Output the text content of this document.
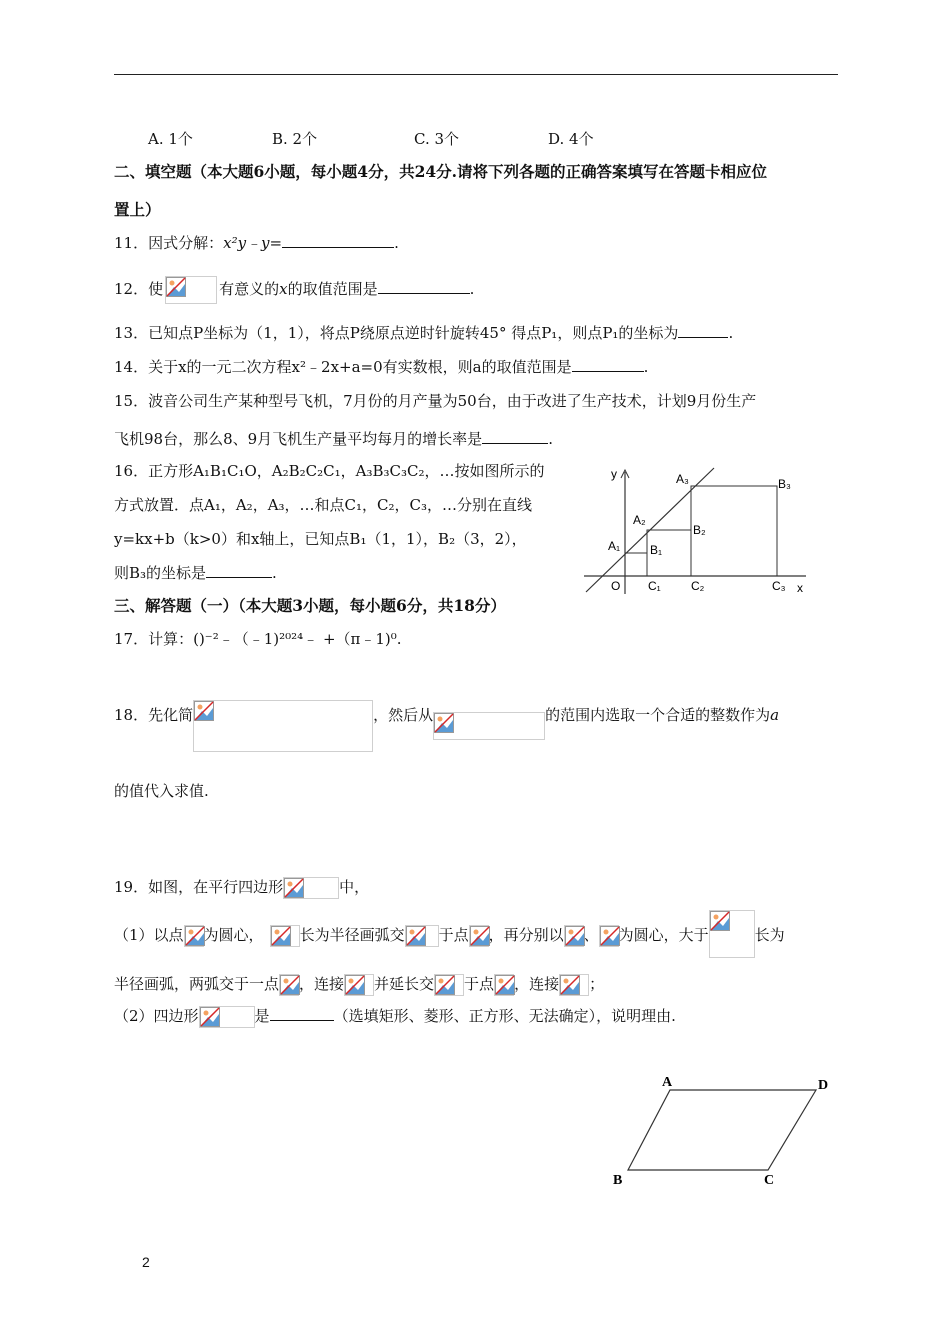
A. 1个	B. 2个	C. 3个	D. 4个
二、填空题（本大题6小题，每小题4分，共24分.请将下列各题的正确答案填写在答题卡相应位
置上）
11．因式分解：x²y﹣y=	.
12．使	有意义的x的取值范围是	.
13．已知点P坐标为（1，1），将点P绕原点逆时针旋转45° 得点P₁，则点P₁的坐标为	.
14．关于x的一元二次方程x²﹣2x+a=0有实数根，则a的取值范围是	.
15．波音公司生产某种型号飞机，7月份的月产量为50台，由于改进了生产技术，计划9月份生产
飞机98台，那么8、9月飞机生产量平均每月的增长率是	.
16．正方形A₁B₁C₁O，A₂B₂C₂C₁，A₃B₃C₃C₂，…按如图所示的
方式放置．点A₁，A₂，A₃，…和点C₁，C₂，C₃，…分别在直线
y=kx+b（k>0）和x轴上，已知点B₁（1，1），B₂（3，2），
则B₃的坐标是	.
y
x
O
A₁
A₂
A₃
B₁
B₂
B₃
C₁	C₂	C₃
三、解答题（一）（本大题3小题，每小题6分，共18分）
17．计算：()⁻²﹣（﹣1)²⁰²⁴﹣ +（π﹣1)⁰.
18．先化简	，然后从	的范围内选取一个合适的整数作为a
的值代入求值.
19．如图，在平行四边形	中，
（1）以点 为圆心， 长为半径画弧交 于点 ，再分别以 、 为圆心，大于	长为
半径画弧，两弧交于一点 ，连接 并延长交 于点 ，连接 ；
（2）四边形	是	（选填矩形、菱形、正方形、无法确定），说明理由.
A	D
B	C
2
